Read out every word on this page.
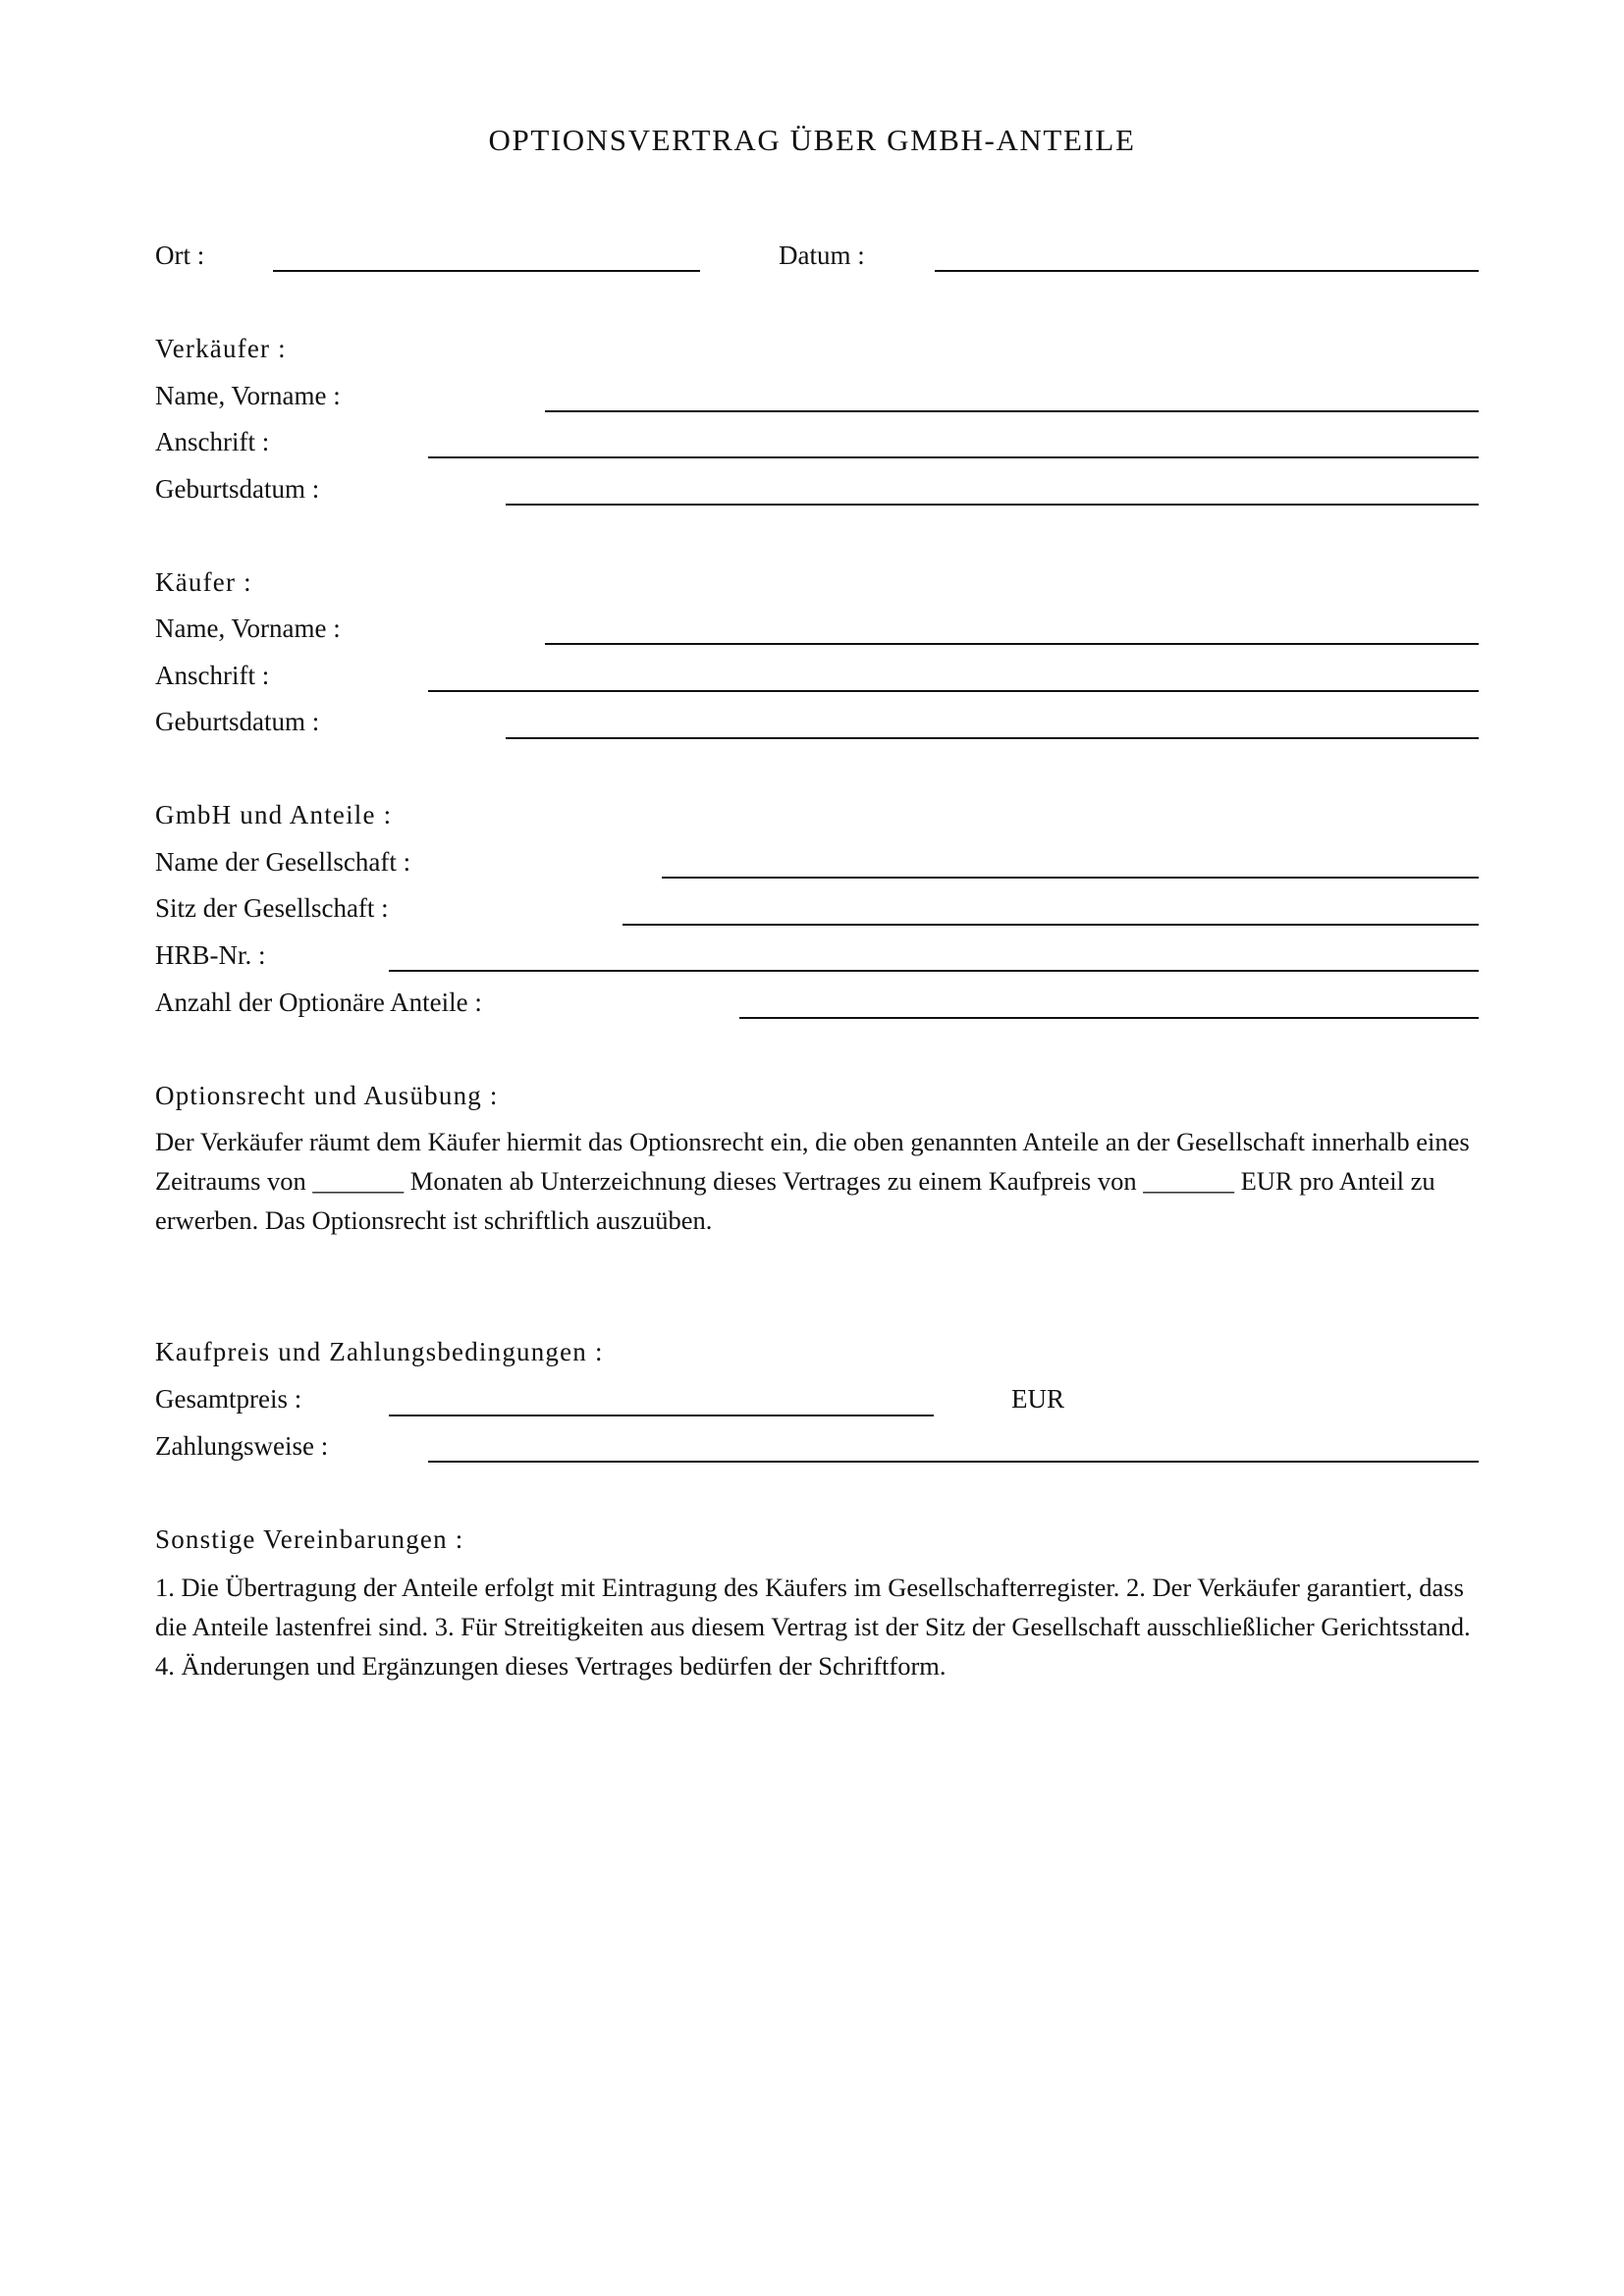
OPTIONSVERTRAG ÜBER GMBH-ANTEILE
Ort :	Datum :
Verkäufer :
Name, Vorname :
Anschrift :
Geburtsdatum :
Käufer :
Name, Vorname :
Anschrift :
Geburtsdatum :
GmbH und Anteile :
Name der Gesellschaft :
Sitz der Gesellschaft :
HRB-Nr. :
Anzahl der Optionäre Anteile :
Optionsrecht und Ausübung :
Der Verkäufer räumt dem Käufer hiermit das Optionsrecht ein, die oben genannten Anteile an der Gesellschaft innerhalb eines Zeitraums von _______ Monaten ab Unterzeichnung dieses Vertrages zu einem Kaufpreis von _______ EUR pro Anteil zu erwerben. Das Optionsrecht ist schriftlich auszuüben.
Kaufpreis und Zahlungsbedingungen :
Gesamtpreis :	EUR
Zahlungsweise :
Sonstige Vereinbarungen :
1. Die Übertragung der Anteile erfolgt mit Eintragung des Käufers im Gesellschafterregister. 2. Der Verkäufer garantiert, dass die Anteile lastenfrei sind. 3. Für Streitigkeiten aus diesem Vertrag ist der Sitz der Gesellschaft ausschließlicher Gerichtsstand. 4. Änderungen und Ergänzungen dieses Vertrages bedürfen der Schriftform.
